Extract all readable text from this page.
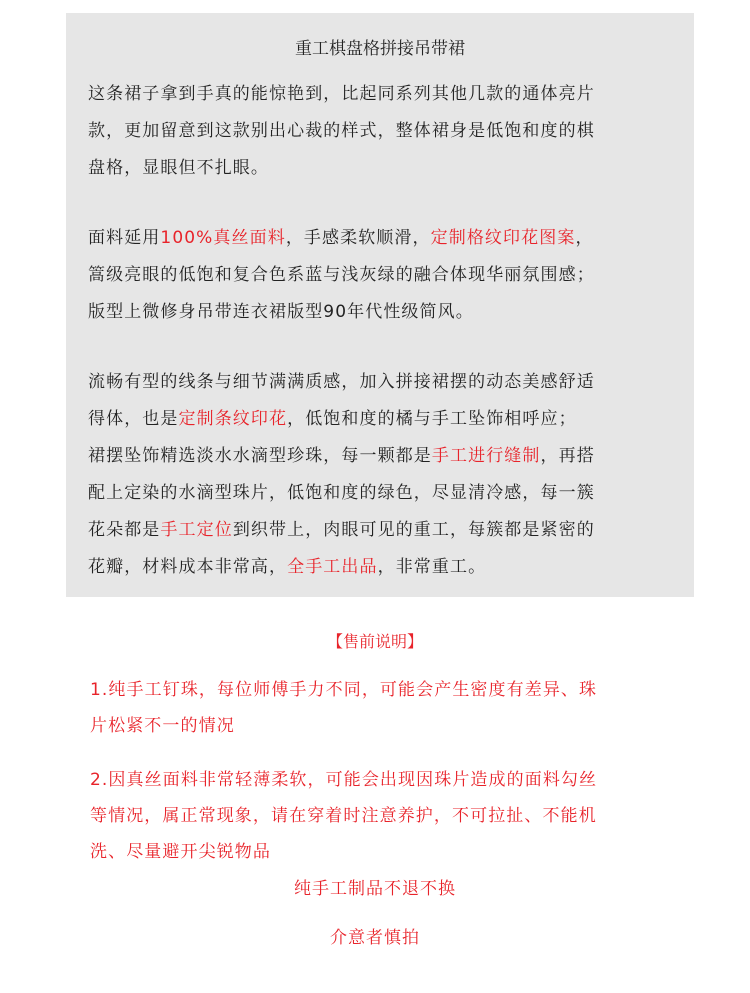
重工棋盘格拼接吊带裙
这条裙子拿到手真的能惊艳到，比起同系列其他几款的通体亮片
款，更加留意到这款别出心裁的样式，整体裙身是低饱和度的棋
盘格，显眼但不扎眼。
面料延用100%真丝面料，手感柔软顺滑，定制格纹印花图案，
篙级亮眼的低饱和复合色系蓝与浅灰绿的融合体现华丽氛围感；
版型上微修身吊带连衣裙版型90年代性级简风。
流畅有型的线条与细节满满质感，加入拼接裙摆的动态美感舒适
得体，也是定制条纹印花，低饱和度的橘与手工坠饰相呼应；
裙摆坠饰精选淡水水滴型珍珠，每一颗都是手工进行缝制，再搭
配上定染的水滴型珠片，低饱和度的绿色，尽显清冷感，每一簇
花朵都是手工定位到织带上，肉眼可见的重工，每簇都是紧密的
花瓣，材料成本非常高，全手工出品，非常重工。
【售前说明】
1.纯手工钉珠，每位师傅手力不同，可能会产生密度有差异、珠
片松紧不一的情况
2.因真丝面料非常轻薄柔软，可能会出现因珠片造成的面料勾丝
等情况，属正常现象，请在穿着时注意养护，不可拉扯、不能机
洗、尽量避开尖锐物品
纯手工制品不退不换
介意者慎拍
